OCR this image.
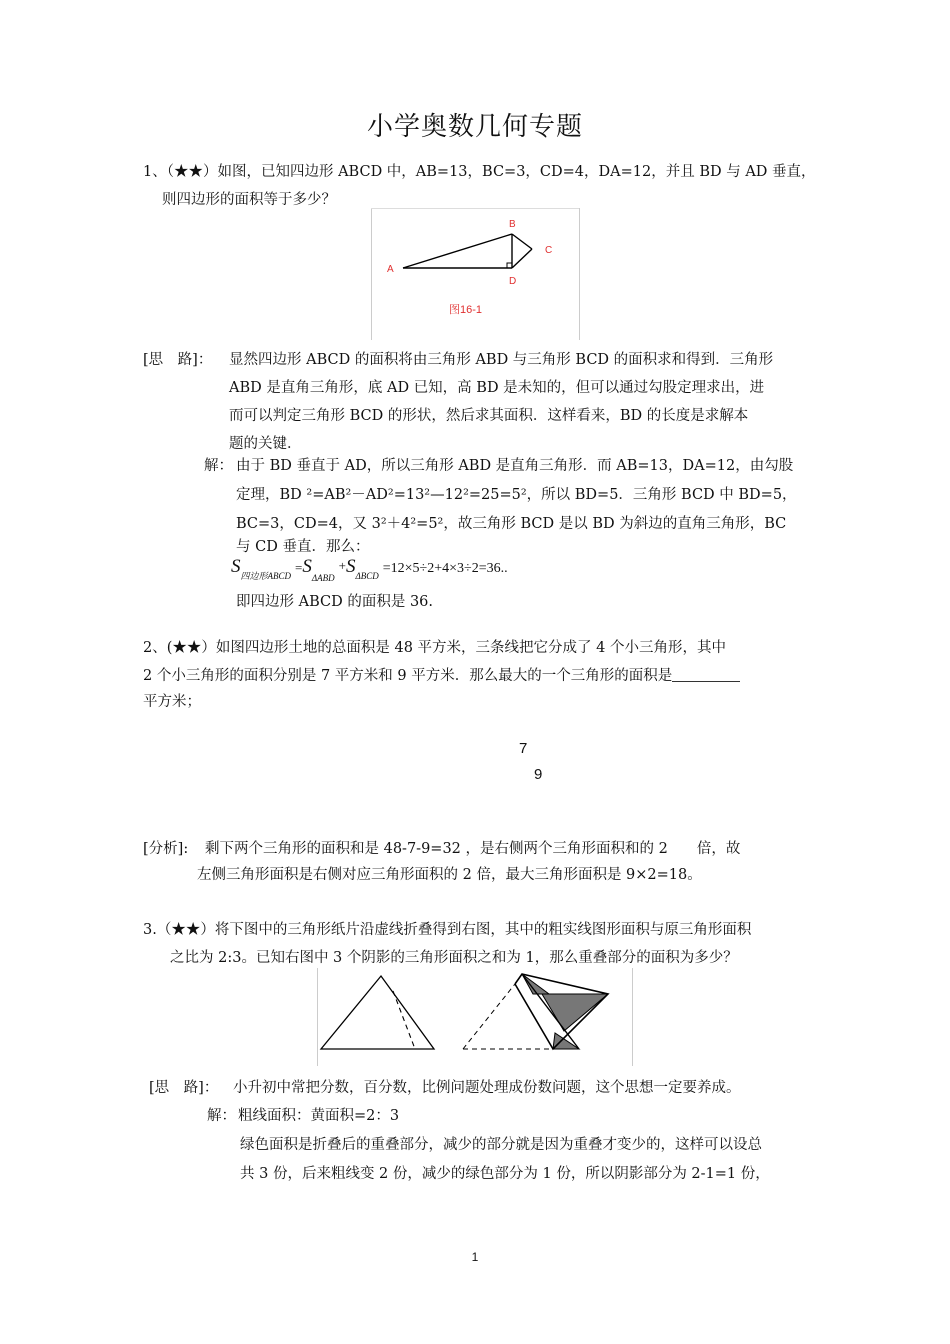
小学奥数几何专题
1、（★★）如图，已知四边形 ABCD 中，AB=13，BC=3，CD=4，DA=12，并且 BD 与 AD 垂直，
则四边形的面积等于多少？
A
B
C
D
图16-1
[思　路]： 显然四边形 ABCD 的面积将由三角形 ABD 与三角形 BCD 的面积求和得到．三角形
ABD 是直角三角形，底 AD 已知，高 BD 是未知的，但可以通过勾股定理求出，进
而可以判定三角形 BCD 的形状，然后求其面积．这样看来，BD 的长度是求解本
题的关键．
解： 由于 BD 垂直于 AD，所以三角形 ABD 是直角三角形．而 AB=13，DA=12，由勾股
定理，BD ²=AB²－AD²=13²—12²=25=5²，所以 BD=5．三角形 BCD 中 BD=5，
BC=3，CD=4，又 3²＋4²=5²，故三角形 BCD 是以 BD 为斜边的直角三角形，BC
与 CD 垂直．那么：
$S_{四边形ABCD} =S_{\Delta ABD} +S_{\Delta BCD} =12\times 5\div 2+4\times 3\div 2=36$..
即四边形 ABCD 的面积是 36.
2、(★★）如图四边形土地的总面积是 48 平方米，三条线把它分成了 4 个小三角形，其中
2 个小三角形的面积分别是 7 平方米和 9 平方米．那么最大的一个三角形的面积是
平方米；
7
9
[分析]: 剩下两个三角形的面积和是 48-7-9=32 ，是右侧两个三角形面积和的 2　　倍，故
左侧三角形面积是右侧对应三角形面积的 2 倍，最大三角形面积是 9×2=18。
3.（★★）将下图中的三角形纸片沿虚线折叠得到右图，其中的粗实线图形面积与原三角形面积
之比为 2:3。已知右图中 3 个阴影的三角形面积之和为 1，那么重叠部分的面积为多少？
[思　路]： 小升初中常把分数，百分数，比例问题处理成份数问题，这个思想一定要养成。
解： 粗线面积：黄面积=2：3
绿色面积是折叠后的重叠部分，减少的部分就是因为重叠才变少的，这样可以设总
共 3 份，后来粗线变 2 份，减少的绿色部分为 1 份，所以阴影部分为 2-1=1 份，
1
